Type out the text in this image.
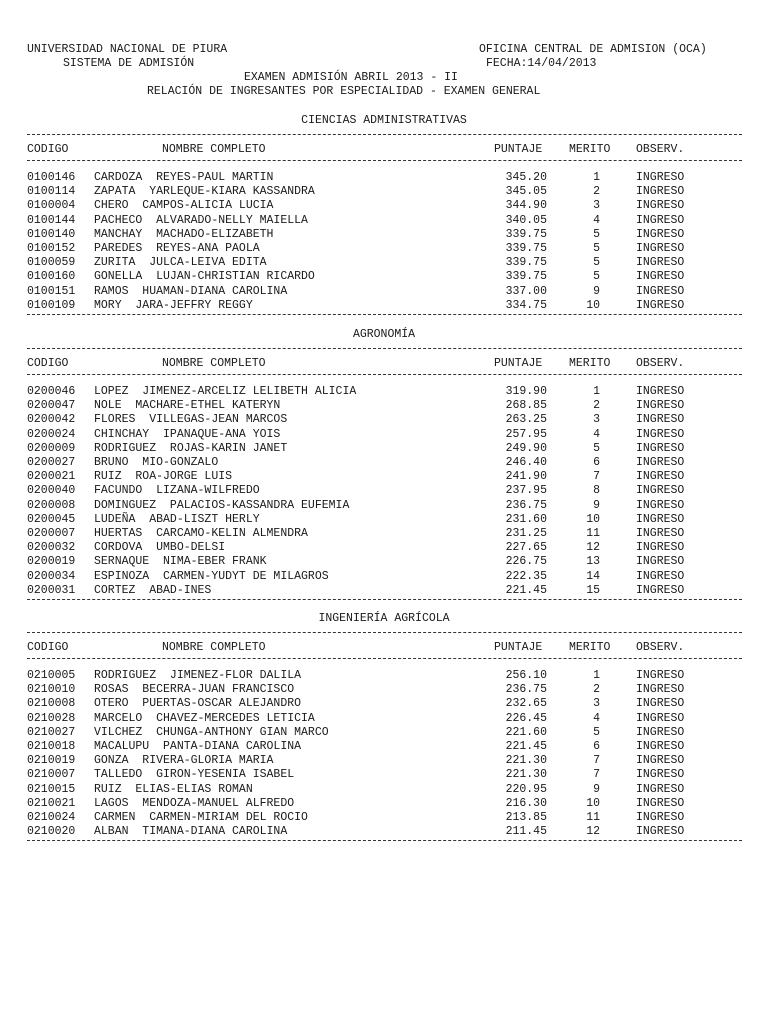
UNIVERSIDAD NACIONAL DE PIURA
SISTEMA DE ADMISIÓN
OFICINA CENTRAL DE ADMISION (OCA)
FECHA:14/04/2013
EXAMEN ADMISIÓN ABRIL 2013 - II
RELACIÓN DE INGRESANTES POR ESPECIALIDAD - EXAMEN GENERAL
CIENCIAS ADMINISTRATIVAS
CODIGO	NOMBRE COMPLETO	PUNTAJE MERITO OBSERV.
0100146 CARDOZA  REYES-PAUL MARTIN	345.20	1	INGRESO
0100114 ZAPATA  YARLEQUE-KIARA KASSANDRA	345.05	2	INGRESO
0100004 CHERO  CAMPOS-ALICIA LUCIA	344.90	3	INGRESO
0100144 PACHECO  ALVARADO-NELLY MAIELLA	340.05	4	INGRESO
0100140 MANCHAY  MACHADO-ELIZABETH	339.75	5	INGRESO
0100152 PAREDES  REYES-ANA PAOLA	339.75	5	INGRESO
0100059 ZURITA  JULCA-LEIVA EDITA	339.75	5	INGRESO
0100160 GONELLA  LUJAN-CHRISTIAN RICARDO	339.75	5	INGRESO
0100151 RAMOS  HUAMAN-DIANA CAROLINA	337.00	9	INGRESO
0100109 MORY  JARA-JEFFRY REGGY	334.75	10	INGRESO
AGRONOMÍA
CODIGO	NOMBRE COMPLETO	PUNTAJE MERITO OBSERV.
0200046 LOPEZ  JIMENEZ-ARCELIZ LELIBETH ALICIA	319.90	1	INGRESO
0200047 NOLE  MACHARE-ETHEL KATERYN	268.85	2	INGRESO
0200042 FLORES  VILLEGAS-JEAN MARCOS	263.25	3	INGRESO
0200024 CHINCHAY  IPANAQUE-ANA YOIS	257.95	4	INGRESO
0200009 RODRIGUEZ  ROJAS-KARIN JANET	249.90	5	INGRESO
0200027 BRUNO  MIO-GONZALO	246.40	6	INGRESO
0200021 RUIZ  ROA-JORGE LUIS	241.90	7	INGRESO
0200040 FACUNDO  LIZANA-WILFREDO	237.95	8	INGRESO
0200008 DOMINGUEZ  PALACIOS-KASSANDRA EUFEMIA	236.75	9	INGRESO
0200045 LUDEÑA  ABAD-LISZT HERLY	231.60	10	INGRESO
0200007 HUERTAS  CARCAMO-KELIN ALMENDRA	231.25	11	INGRESO
0200032 CORDOVA  UMBO-DELSI	227.65	12	INGRESO
0200019 SERNAQUE  NIMA-EBER FRANK	226.75	13	INGRESO
0200034 ESPINOZA  CARMEN-YUDYT DE MILAGROS	222.35	14	INGRESO
0200031 CORTEZ  ABAD-INES	221.45	15	INGRESO
INGENIERÍA AGRÍCOLA
CODIGO	NOMBRE COMPLETO	PUNTAJE MERITO OBSERV.
0210005 RODRIGUEZ  JIMENEZ-FLOR DALILA	256.10	1	INGRESO
0210010 ROSAS  BECERRA-JUAN FRANCISCO	236.75	2	INGRESO
0210008 OTERO  PUERTAS-OSCAR ALEJANDRO	232.65	3	INGRESO
0210028 MARCELO  CHAVEZ-MERCEDES LETICIA	226.45	4	INGRESO
0210027 VILCHEZ  CHUNGA-ANTHONY GIAN MARCO	221.60	5	INGRESO
0210018 MACALUPU  PANTA-DIANA CAROLINA	221.45	6	INGRESO
0210019 GONZA  RIVERA-GLORIA MARIA	221.30	7	INGRESO
0210007 TALLEDO  GIRON-YESENIA ISABEL	221.30	7	INGRESO
0210015 RUIZ  ELIAS-ELIAS ROMAN	220.95	9	INGRESO
0210021 LAGOS  MENDOZA-MANUEL ALFREDO	216.30	10	INGRESO
0210024 CARMEN  CARMEN-MIRIAM DEL ROCIO	213.85	11	INGRESO
0210020 ALBAN  TIMANA-DIANA CAROLINA	211.45	12	INGRESO
